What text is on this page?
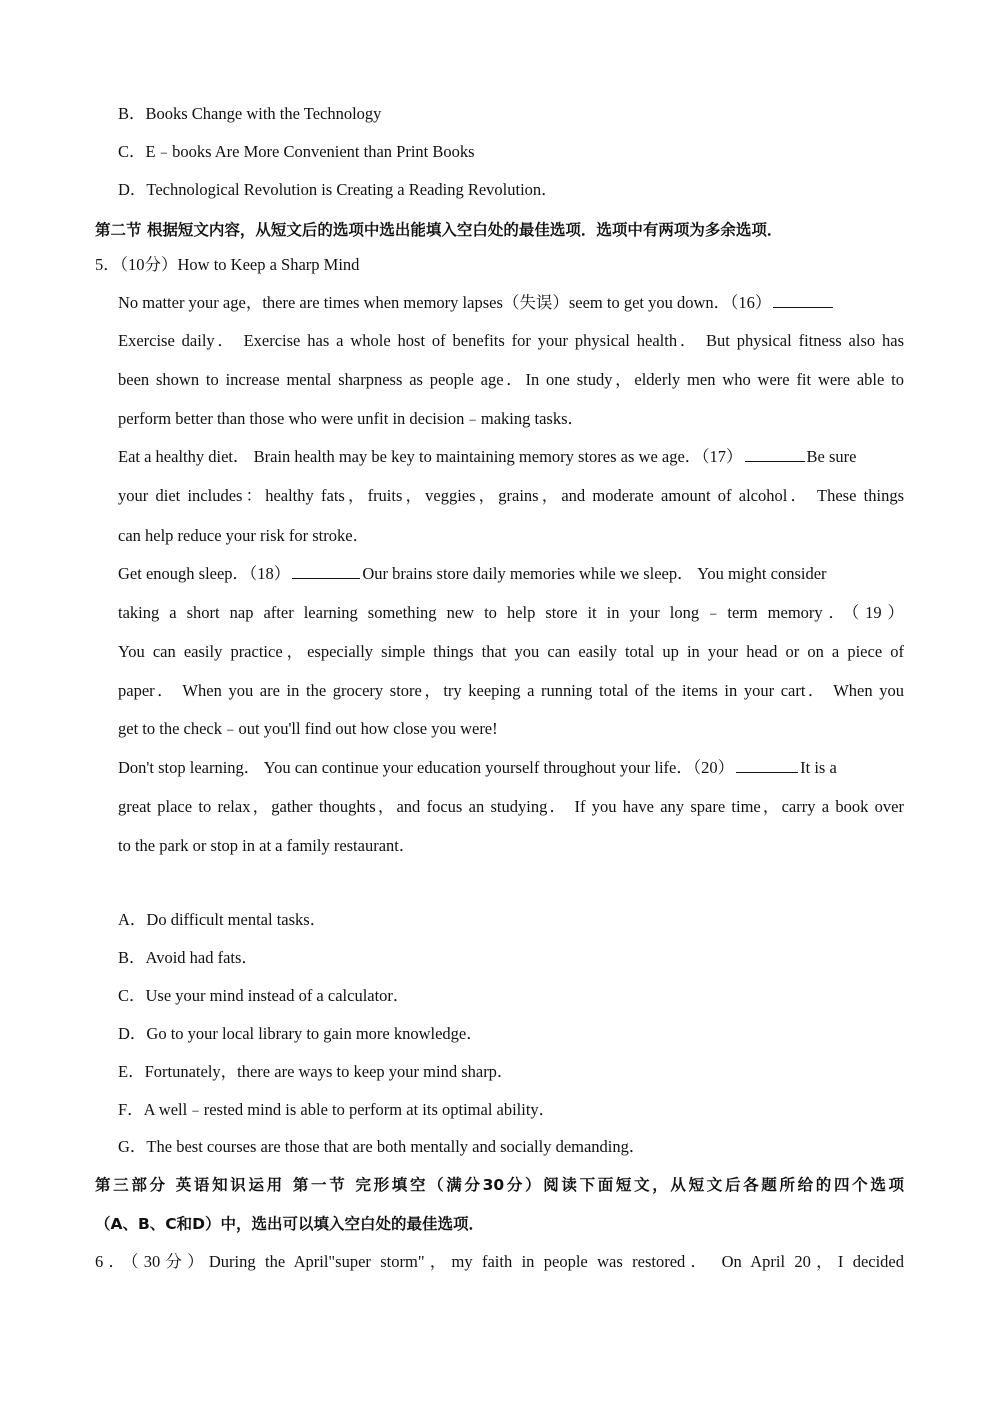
B．Books Change with the Technology
C．E﹣books Are More Convenient than Print Books
D．Technological Revolution is Creating a Reading Revolution．
第二节 根据短文内容，从短文后的选项中选出能填入空白处的最佳选项．选项中有两项为多余选项．
5．（10分）How to Keep a Sharp Mind
No matter your age，there are times when memory lapses（失误）seem to get you down．（16）
Exercise daily． Exercise has a whole host of benefits for your physical health． But physical fitness also has
been shown to increase mental sharpness as people age．In one study，elderly men who were fit were able to
perform better than those who were unfit in decision﹣making tasks．
Eat a healthy diet． Brain health may be key to maintaining memory stores as we age．（17）	Be sure
your diet includes：healthy fats，fruits，veggies，grains，and moderate amount of alcohol． These things
can help reduce your risk for stroke．
Get enough sleep．（18）	Our brains store daily memories while we sleep． You might consider
taking a short nap after learning something new to help store it in your long﹣term memory．（19）
You can easily practice，especially simple things that you can easily total up in your head or on a piece of
paper． When you are in the grocery store，try keeping a running total of the items in your cart． When you
get to the check﹣out you'll find out how close you were!
Don't stop learning． You can continue your education yourself throughout your life．（20）	It is a
great place to relax，gather thoughts，and focus an studying． If you have any spare time，carry a book over
to the park or stop in at a family restaurant．
A．Do difficult mental tasks．
B．Avoid had fats．
C．Use your mind instead of a calculator．
D．Go to your local library to gain more knowledge．
E．Fortunately，there are ways to keep your mind sharp．
F．A well﹣rested mind is able to perform at its optimal ability．
G．The best courses are those that are both mentally and socially demanding．
第三部分 英语知识运用 第一节 完形填空（满分30分）阅读下面短文，从短文后各题所给的四个选项
（A、B、C和D）中，选出可以填入空白处的最佳选项．
6．（30分）During the April"super storm"，my faith in people was restored． On April 20，I decided
